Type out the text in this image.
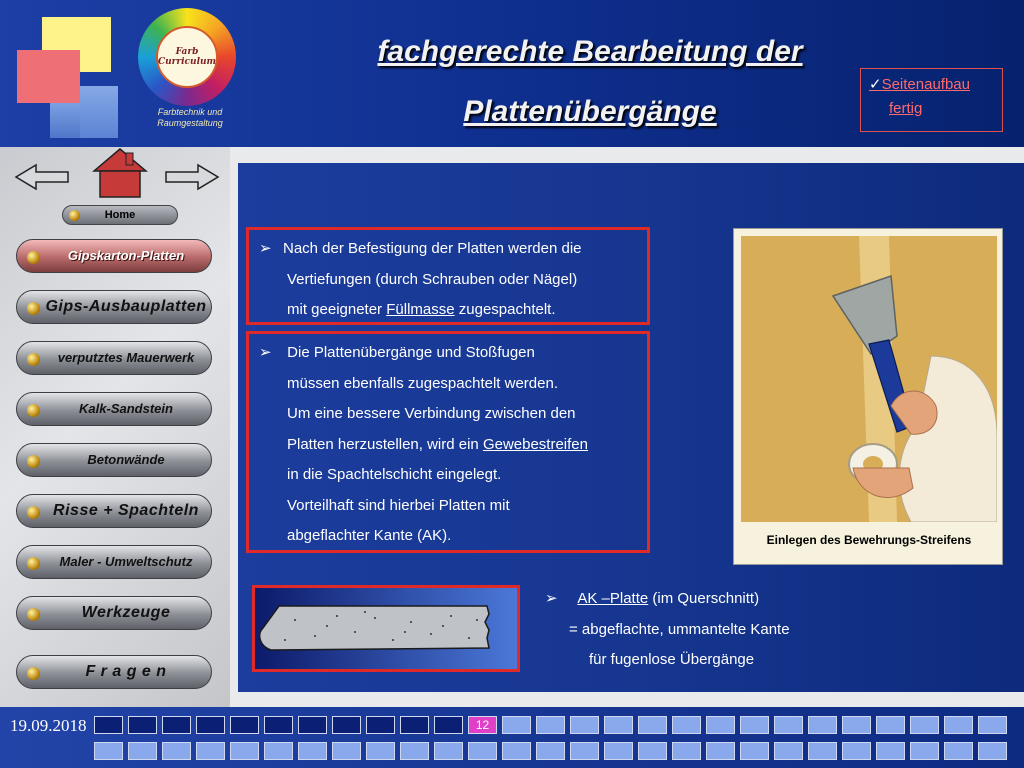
Farb
Curriculum
Farbtechnik und
Raumgestaltung
fachgerechte Bearbeitung der
Plattenübergänge
✓Seitenaufbau
fertig
Home
Gipskarton-Platten
Gips-Ausbauplatten
verputztes Mauerwerk
Kalk-Sandstein
Betonwände
Risse + Spachteln
Maler - Umweltschutz
Werkzeuge
F r a g e n
➢ Nach der Befestigung der Platten werden die
Vertiefungen (durch Schrauben oder Nägel)
mit geeigneter Füllmasse zugespachtelt.
➢ Die Plattenübergänge und Stoßfugen
müssen ebenfalls zugespachtelt werden.
Um eine bessere Verbindung zwischen den
Platten herzustellen, wird ein Gewebestreifen
in die Spachtelschicht eingelegt.
Vorteilhaft sind hierbei Platten mit
abgeflachter Kante (AK).	Einlegen des Bewehrungs-Streifens
➢ AK –Platte (im Querschnitt)
= abgeflachte, ummantelte Kante
für fugenlose Übergänge
19.09.2018	12
